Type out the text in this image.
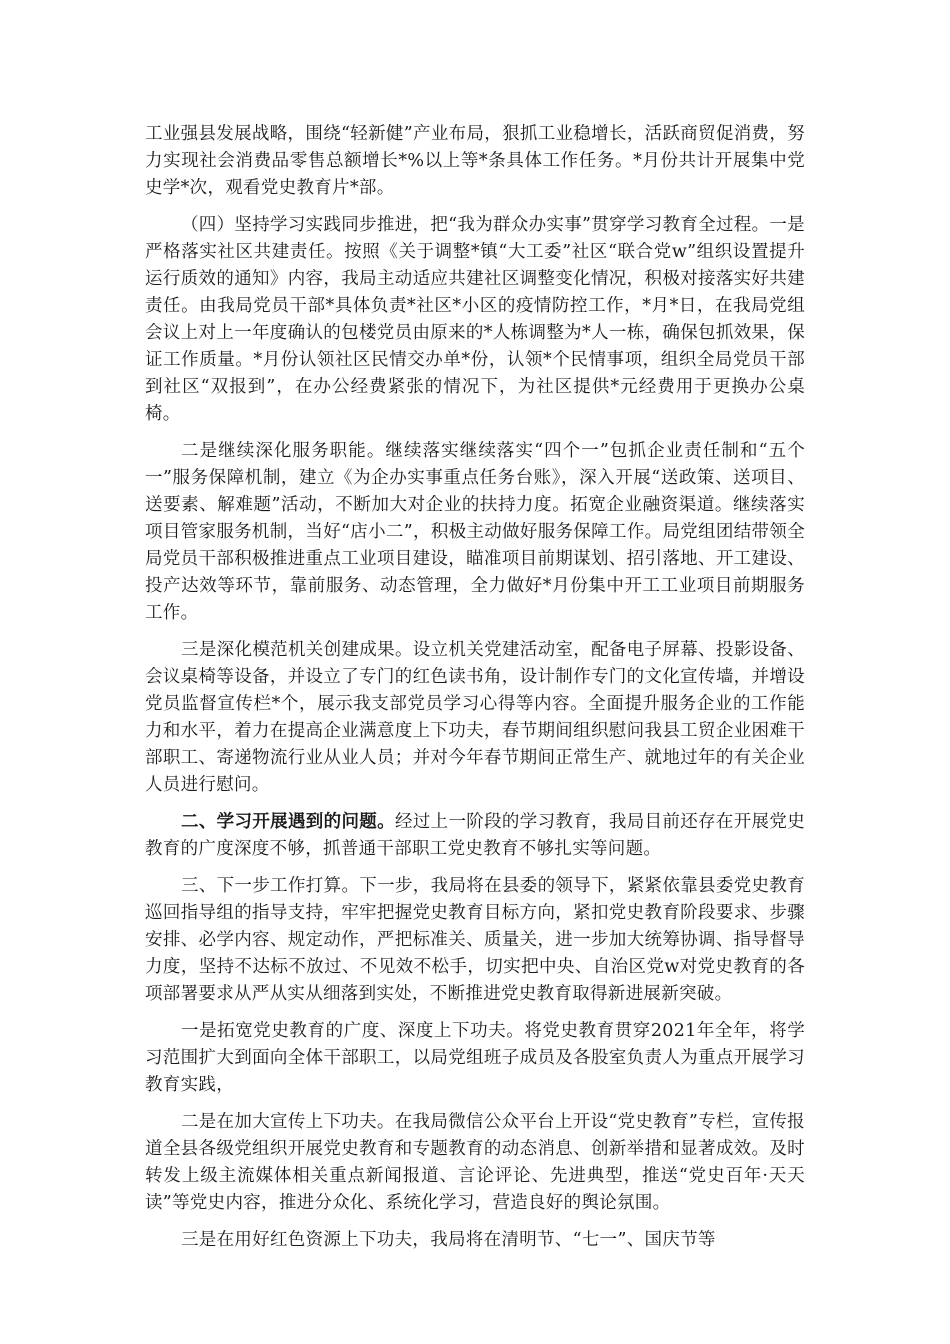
工业强县发展战略，围绕“轻新健”产业布局，狠抓工业稳增长，活跃商贸促消费，努力实现社会消费品零售总额增长*%以上等*条具体工作任务。*月份共计开展集中党史学*次，观看党史教育片*部。

（四）坚持学习实践同步推进，把“我为群众办实事”贯穿学习教育全过程。一是严格落实社区共建责任。按照《关于调整*镇“大工委”社区“联合党w”组织设置提升运行质效的通知》内容，我局主动适应共建社区调整变化情况，积极对接落实好共建责任。由我局党员干部*具体负责*社区*小区的疫情防控工作，*月*日，在我局党组会议上对上一年度确认的包楼党员由原来的*人栋调整为*人一栋，确保包抓效果，保证工作质量。*月份认领社区民情交办单*份，认领*个民情事项，组织全局党员干部到社区“双报到”，在办公经费紧张的情况下，为社区提供*元经费用于更换办公桌椅。

二是继续深化服务职能。继续落实继续落实“四个一”包抓企业责任制和“五个一”服务保障机制，建立《为企办实事重点任务台账》，深入开展“送政策、送项目、送要素、解难题”活动，不断加大对企业的扶持力度。拓宽企业融资渠道。继续落实项目管家服务机制，当好“店小二”，积极主动做好服务保障工作。局党组团结带领全局党员干部积极推进重点工业项目建设，瞄准项目前期谋划、招引落地、开工建设、投产达效等环节，靠前服务、动态管理，全力做好*月份集中开工工业项目前期服务工作。

三是深化模范机关创建成果。设立机关党建活动室，配备电子屏幕、投影设备、会议桌椅等设备，并设立了专门的红色读书角，设计制作专门的文化宣传墙，并增设党员监督宣传栏*个，展示我支部党员学习心得等内容。全面提升服务企业的工作能力和水平，着力在提高企业满意度上下功夫，春节期间组织慰问我县工贸企业困难干部职工、寄递物流行业从业人员；并对今年春节期间正常生产、就地过年的有关企业人员进行慰问。

二、学习开展遇到的问题。经过上一阶段的学习教育，我局目前还存在开展党史教育的广度深度不够，抓普通干部职工党史教育不够扎实等问题。

三、下一步工作打算。下一步，我局将在县委的领导下，紧紧依靠县委党史教育巡回指导组的指导支持，牢牢把握党史教育目标方向，紧扣党史教育阶段要求、步骤安排、必学内容、规定动作，严把标准关、质量关，进一步加大统筹协调、指导督导力度，坚持不达标不放过、不见效不松手，切实把中央、自治区党w对党史教育的各项部署要求从严从实从细落到实处，不断推进党史教育取得新进展新突破。

一是拓宽党史教育的广度、深度上下功夫。将党史教育贯穿2021年全年，将学习范围扩大到面向全体干部职工，以局党组班子成员及各股室负责人为重点开展学习教育实践，

二是在加大宣传上下功夫。在我局微信公众平台上开设“党史教育”专栏，宣传报道全县各级党组织开展党史教育和专题教育的动态消息、创新举措和显著成效。及时转发上级主流媒体相关重点新闻报道、言论评论、先进典型，推送“党史百年·天天读”等党史内容，推进分众化、系统化学习，营造良好的舆论氛围。

三是在用好红色资源上下功夫，我局将在清明节、“七一”、国庆节等
